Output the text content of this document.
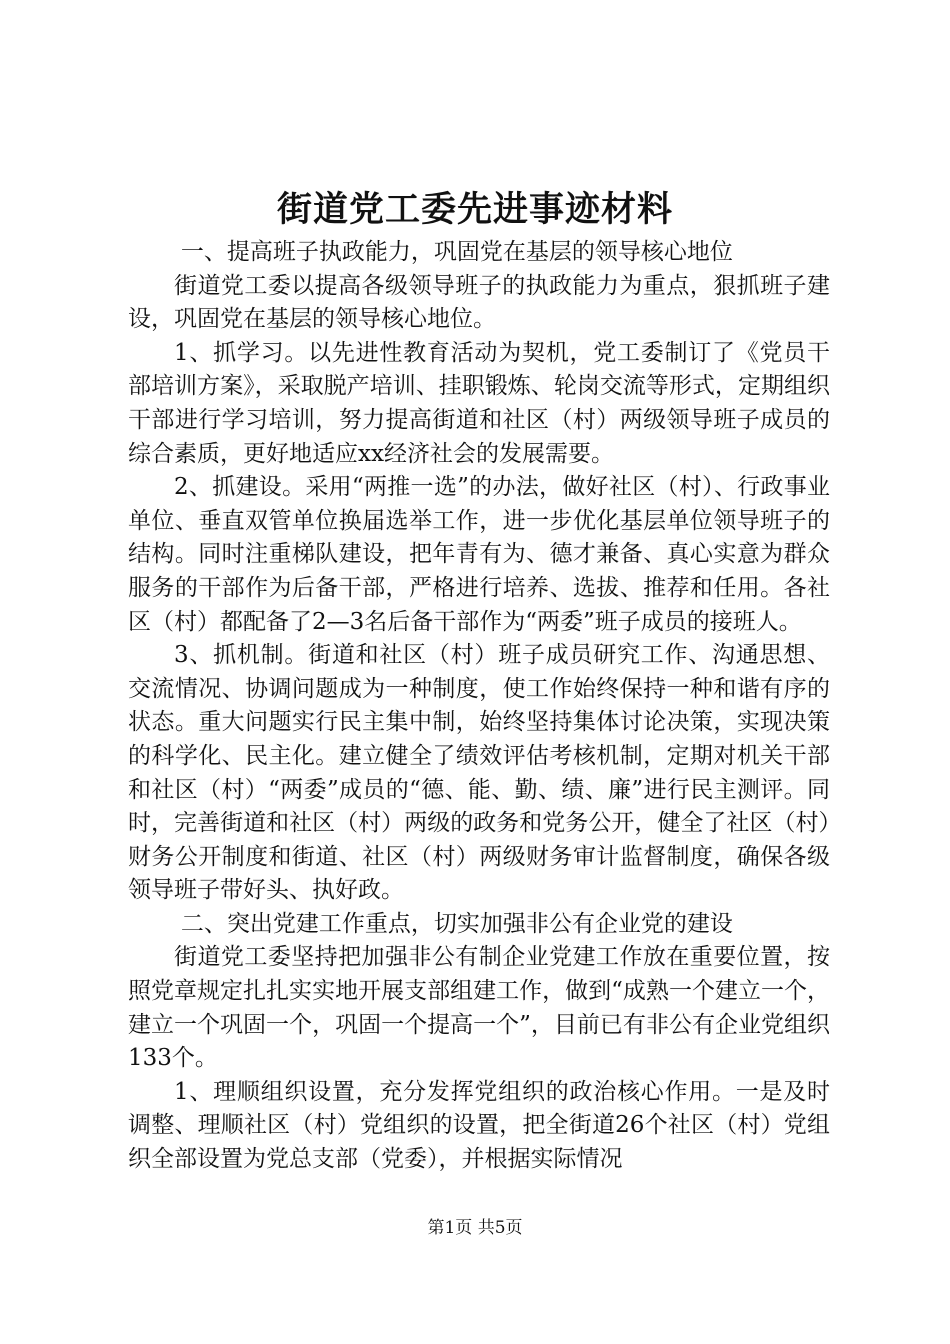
街道党工委先进事迹材料

一、提高班子执政能力，巩固党在基层的领导核心地位

街道党工委以提高各级领导班子的执政能力为重点，狠抓班子建设，巩固党在基层的领导核心地位。

1、抓学习。以先进性教育活动为契机，党工委制订了《党员干部培训方案》，采取脱产培训、挂职锻炼、轮岗交流等形式，定期组织干部进行学习培训，努力提高街道和社区（村）两级领导班子成员的综合素质，更好地适应xx经济社会的发展需要。

2、抓建设。采用“两推一选”的办法，做好社区（村）、行政事业单位、垂直双管单位换届选举工作，进一步优化基层单位领导班子的结构。同时注重梯队建设，把年青有为、德才兼备、真心实意为群众服务的干部作为后备干部，严格进行培养、选拔、推荐和任用。各社区（村）都配备了2—3名后备干部作为“两委”班子成员的接班人。

3、抓机制。街道和社区（村）班子成员研究工作、沟通思想、交流情况、协调问题成为一种制度，使工作始终保持一种和谐有序的状态。重大问题实行民主集中制，始终坚持集体讨论决策，实现决策的科学化、民主化。建立健全了绩效评估考核机制，定期对机关干部和社区（村）“两委”成员的“德、能、勤、绩、廉”进行民主测评。同时，完善街道和社区（村）两级的政务和党务公开，健全了社区（村）财务公开制度和街道、社区（村）两级财务审计监督制度，确保各级领导班子带好头、执好政。

二、突出党建工作重点，切实加强非公有企业党的建设

街道党工委坚持把加强非公有制企业党建工作放在重要位置，按照党章规定扎扎实实地开展支部组建工作，做到“成熟一个建立一个，建立一个巩固一个，巩固一个提高一个”，目前已有非公有企业党组织133个。

1、理顺组织设置，充分发挥党组织的政治核心作用。一是及时调整、理顺社区（村）党组织的设置，把全街道26个社区（村）党组织全部设置为党总支部（党委），并根据实际情况

第1页 共5页
